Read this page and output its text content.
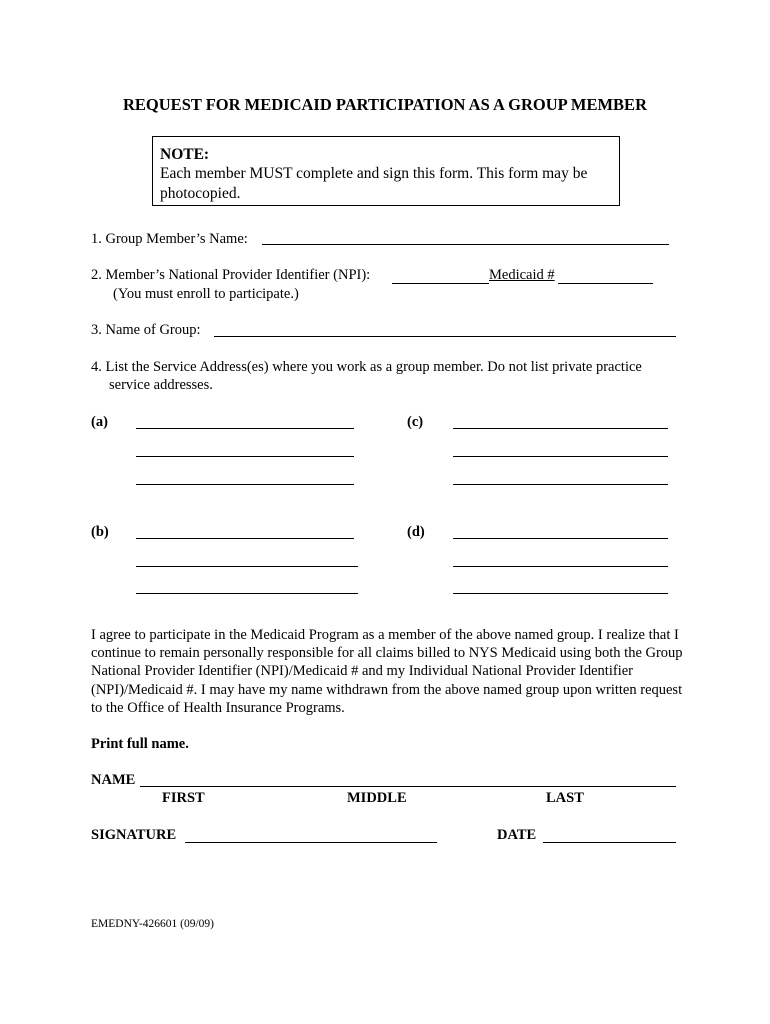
REQUEST FOR MEDICAID PARTICIPATION AS A GROUP MEMBER
NOTE:
Each member MUST complete and sign this form. This form may be
photocopied.
1. Group Member’s Name:
2. Member’s National Provider Identifier (NPI):	Medicaid #
(You must enroll to participate.)
3. Name of Group:
4. List the Service Address(es) where you work as a group member. Do not list private practice
service addresses.
(a)	(c)
(b)	(d)
I agree to participate in the Medicaid Program as a member of the above named group. I realize that I continue to remain personally responsible for all claims billed to NYS Medicaid using both the Group National Provider Identifier (NPI)/Medicaid # and my Individual National Provider Identifier (NPI)/Medicaid #. I may have my name withdrawn from the above named group upon written request to the Office of Health Insurance Programs.
Print full name.
NAME
FIRST	MIDDLE	LAST
SIGNATURE	DATE
EMEDNY-426601 (09/09)
